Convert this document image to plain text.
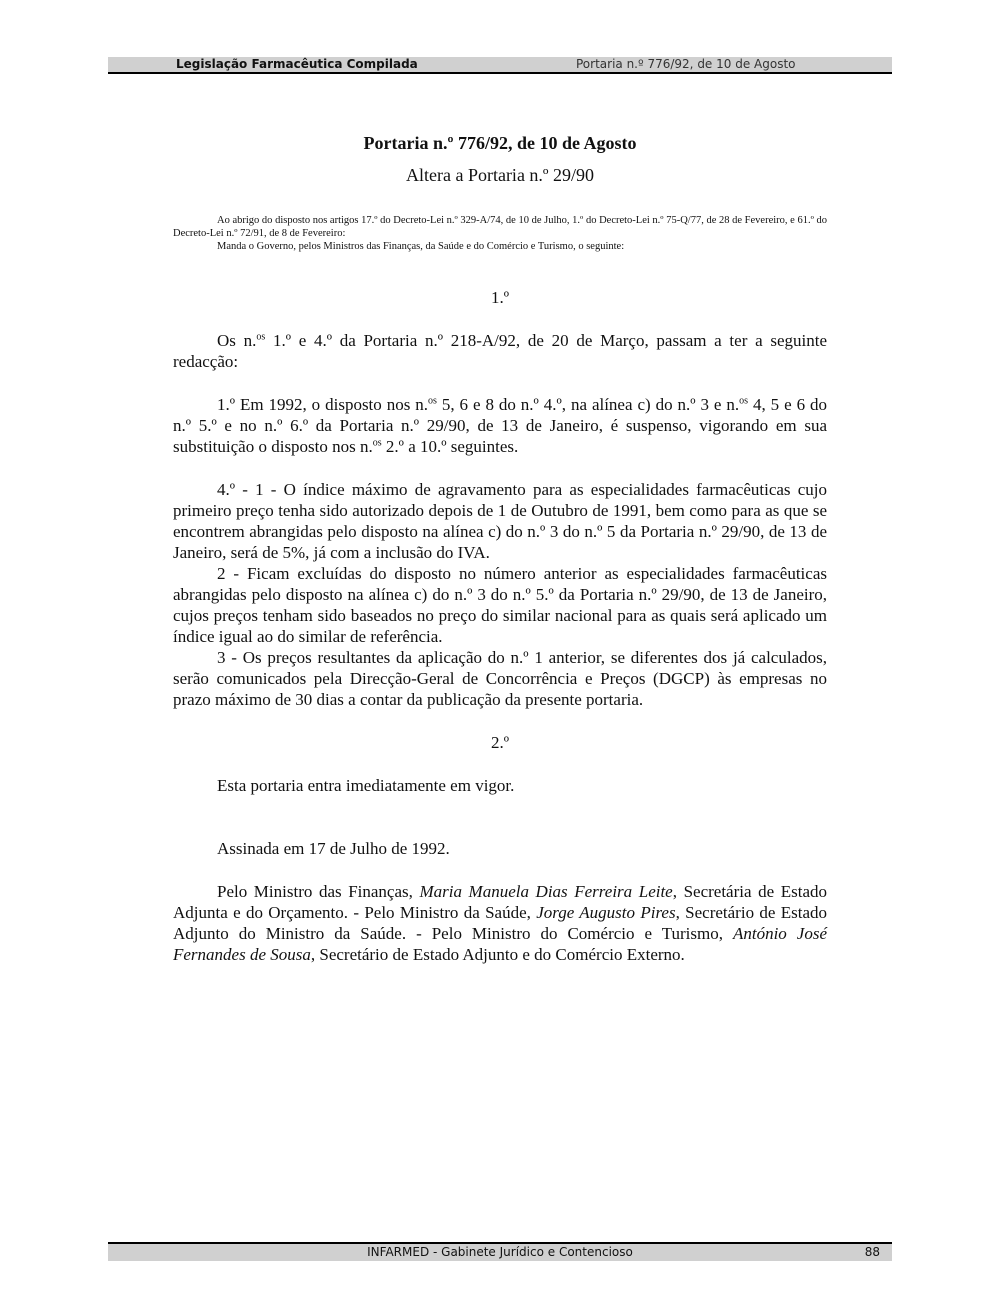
Legislação Farmacêutica Compilada	Portaria n.º 776/92, de 10 de Agosto
Portaria n.º 776/92, de 10 de Agosto

Altera a Portaria n.º 29/90

Ao abrigo do disposto nos artigos 17.º do Decreto-Lei n.º 329-A/74, de 10 de Julho, 1.º do Decreto-Lei n.º 75-Q/77, de 28 de Fevereiro, e 61.º do Decreto-Lei n.º 72/91, de 8 de Fevereiro:

Manda o Governo, pelos Ministros das Finanças, da Saúde e do Comércio e Turismo, o seguinte:

1.º

Os n.$^{os}$ 1.º e 4.º da Portaria n.º 218-A/92, de 20 de Março, passam a ter a seguinte redacção:

1.º Em 1992, o disposto nos n.$^{os}$ 5, 6 e 8 do n.º 4.º, na alínea c) do n.º 3 e n.$^{os}$ 4, 5 e 6 do n.º 5.º e no n.º 6.º da Portaria n.º 29/90, de 13 de Janeiro, é suspenso, vigorando em sua substituição o disposto nos n.$^{os}$ 2.º a 10.º seguintes.

4.º - 1 - O índice máximo de agravamento para as especialidades farmacêuticas cujo primeiro preço tenha sido autorizado depois de 1 de Outubro de 1991, bem como para as que se encontrem abrangidas pelo disposto na alínea c) do n.º 3 do n.º 5 da Portaria n.º 29/90, de 13 de Janeiro, será de 5%, já com a inclusão do IVA.

2 - Ficam excluídas do disposto no número anterior as especialidades farmacêuticas abrangidas pelo disposto na alínea c) do n.º 3 do n.º 5.º da Portaria n.º 29/90, de 13 de Janeiro, cujos preços tenham sido baseados no preço do similar nacional para as quais será aplicado um índice igual ao do similar de referência.

3 - Os preços resultantes da aplicação do n.º 1 anterior, se diferentes dos já calculados, serão comunicados pela Direcção-Geral de Concorrência e Preços (DGCP) às empresas no prazo máximo de 30 dias a contar da publicação da presente portaria.

2.º

Esta portaria entra imediatamente em vigor.

Assinada em 17 de Julho de 1992.

Pelo Ministro das Finanças, Maria Manuela Dias Ferreira Leite, Secretária de Estado Adjunta e do Orçamento. - Pelo Ministro da Saúde, Jorge Augusto Pires, Secretário de Estado Adjunto do Ministro da Saúde. - Pelo Ministro do Comércio e Turismo, António José Fernandes de Sousa, Secretário de Estado Adjunto e do Comércio Externo.

INFARMED - Gabinete Jurídico e Contencioso	88
